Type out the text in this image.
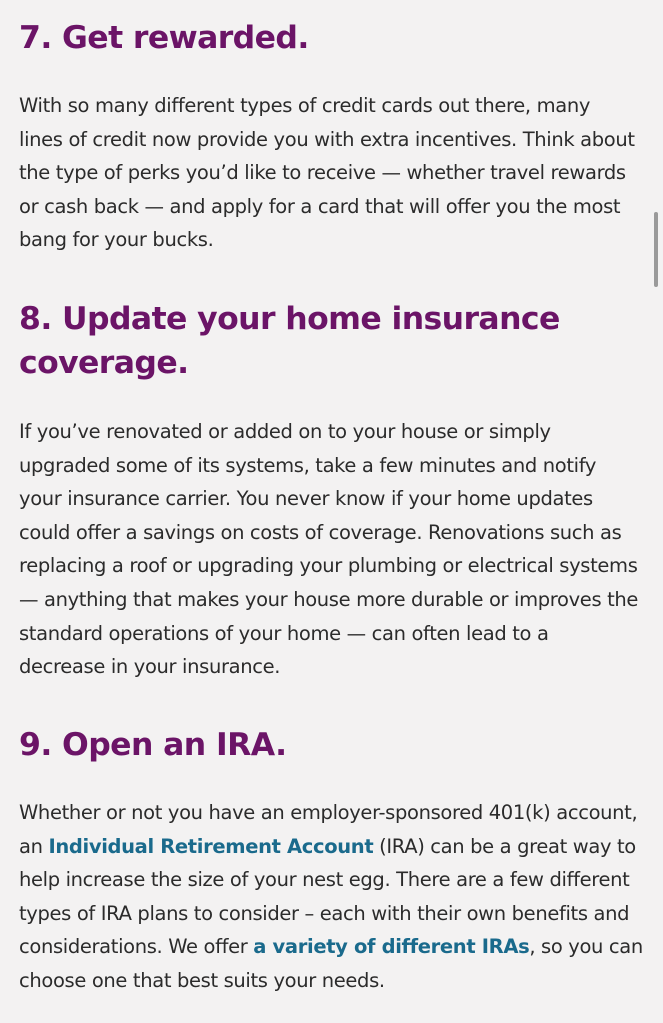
7. Get rewarded.

With so many different types of credit cards out there, many lines of credit now provide you with extra incentives. Think about the type of perks you’d like to receive — whether travel rewards or cash back — and apply for a card that will offer you the most bang for your bucks.

8. Update your home insurance coverage.

If you’ve renovated or added on to your house or simply upgraded some of its systems, take a few minutes and notify your insurance carrier. You never know if your home updates could offer a savings on costs of coverage. Renovations such as replacing a roof or upgrading your plumbing or electrical systems — anything that makes your house more durable or improves the standard operations of your home — can often lead to a decrease in your insurance.

9. Open an IRA.

Whether or not you have an employer-sponsored 401(k) account, an Individual Retirement Account (IRA) can be a great way to help increase the size of your nest egg. There are a few different types of IRA plans to consider – each with their own benefits and considerations. We offer a variety of different IRAs, so you can choose one that best suits your needs.
